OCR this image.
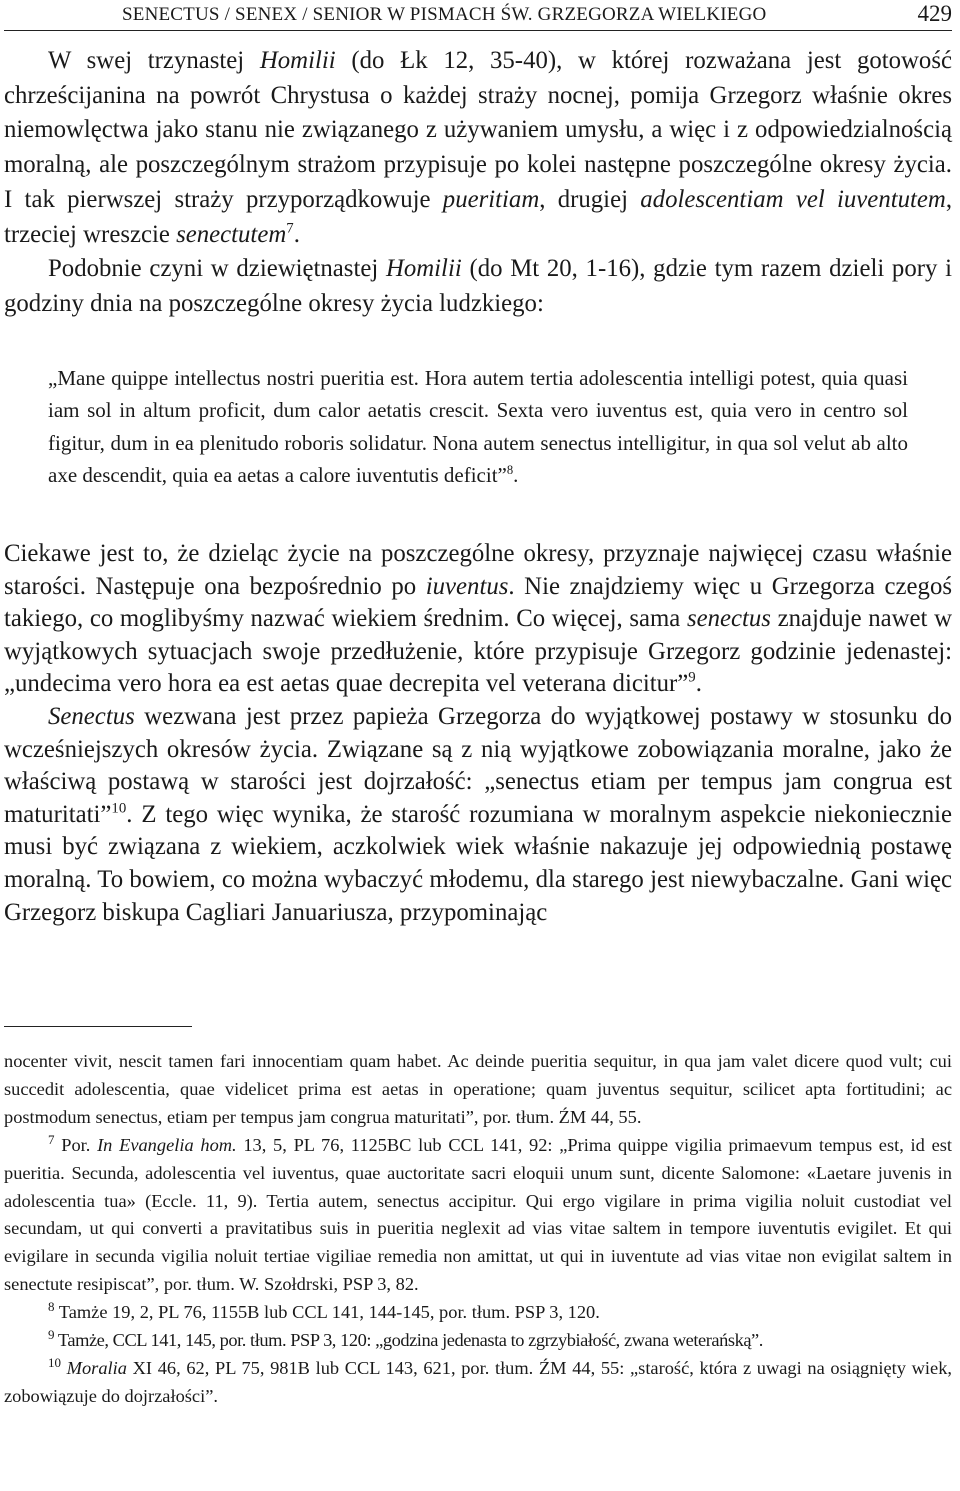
SENECTUS / SENEX / SENIOR W PISMACH ŚW. GRZEGORZA WIELKIEGO	429

W swej trzynastej Homilii (do Łk 12, 35-40), w której rozważana jest gotowość chrześcijanina na powrót Chrystusa o każdej straży nocnej, pomija Grzegorz właśnie okres niemowlęctwa jako stanu nie związanego z używaniem umysłu, a więc i z odpowiedzialnością moralną, ale poszczególnym strażom przypisuje po kolei następne poszczególne okresy życia. I tak pierwszej straży przyporządkowuje pueritiam, drugiej adolescentiam vel iuventutem, trzeciej wreszcie senectutem$^7$.

Podobnie czyni w dziewiętnastej Homilii (do Mt 20, 1-16), gdzie tym razem dzieli pory i godziny dnia na poszczególne okresy życia ludzkiego:

„Mane quippe intellectus nostri pueritia est. Hora autem tertia adolescentia intelligi potest, quia quasi iam sol in altum proficit, dum calor aetatis crescit. Sexta vero iuventus est, quia vero in centro sol figitur, dum in ea plenitudo roboris solidatur. Nona autem senectus intelligitur, in qua sol velut ab alto axe descendit, quia ea aetas a calore iuventutis deficit”$^8$.

Ciekawe jest to, że dzieląc życie na poszczególne okresy, przyznaje najwięcej czasu właśnie starości. Następuje ona bezpośrednio po iuventus. Nie znajdziemy więc u Grzegorza czegoś takiego, co moglibyśmy nazwać wiekiem średnim. Co więcej, sama senectus znajduje nawet w wyjątkowych sytuacjach swoje przedłużenie, które przypisuje Grzegorz godzinie jedenastej: „undecima vero hora ea est aetas quae decrepita vel veterana dicitur”$^9$.

Senectus wezwana jest przez papieża Grzegorza do wyjątkowej postawy w stosunku do wcześniejszych okresów życia. Związane są z nią wyjątkowe zobowiązania moralne, jako że właściwą postawą w starości jest dojrzałość: „senectus etiam per tempus jam congrua est maturitati”$^{10}$. Z tego więc wynika, że starość rozumiana w moralnym aspekcie niekoniecznie musi być związana z wiekiem, aczkolwiek wiek właśnie nakazuje jej odpowiednią postawę moralną. To bowiem, co można wybaczyć młodemu, dla starego jest niewybaczalne. Gani więc Grzegorz biskupa Cagliari Januariusza, przypominając

nocenter vivit, nescit tamen fari innocentiam quam habet. Ac deinde pueritia sequitur, in qua jam valet dicere quod vult; cui succedit adolescentia, quae videlicet prima est aetas in operatione; quam juventus sequitur, scilicet apta fortitudini; ac postmodum senectus, etiam per tempus jam congrua maturitati”, por. tłum. ŹM 44, 55.

$^7$ Por. In Evangelia hom. 13, 5, PL 76, 1125BC lub CCL 141, 92: „Prima quippe vigilia primaevum tempus est, id est pueritia. Secunda, adolescentia vel iuventus, quae auctoritate sacri eloquii unum sunt, dicente Salomone: «Laetare juvenis in adolescentia tua» (Eccle. 11, 9). Tertia autem, senectus accipitur. Qui ergo vigilare in prima vigilia noluit custodiat vel secundam, ut qui converti a pravitatibus suis in pueritia neglexit ad vias vitae saltem in tempore iuventutis evigilet. Et qui evigilare in secunda vigilia noluit tertiae vigiliae remedia non amittat, ut qui in iuventute ad vias vitae non evigilat saltem in senectute resipiscat”, por. tłum. W. Szołdrski, PSP 3, 82.

$^8$ Tamże 19, 2, PL 76, 1155B lub CCL 141, 144-145, por. tłum. PSP 3, 120.

$^9$ Tamże, CCL 141, 145, por. tłum. PSP 3, 120: „godzina jedenasta to zgrzybiałość, zwana weterańską”.

$^{10}$ Moralia XI 46, 62, PL 75, 981B lub CCL 143, 621, por. tłum. ŹM 44, 55: „starość, która z uwagi na osiągnięty wiek, zobowiązuje do dojrzałości”.
